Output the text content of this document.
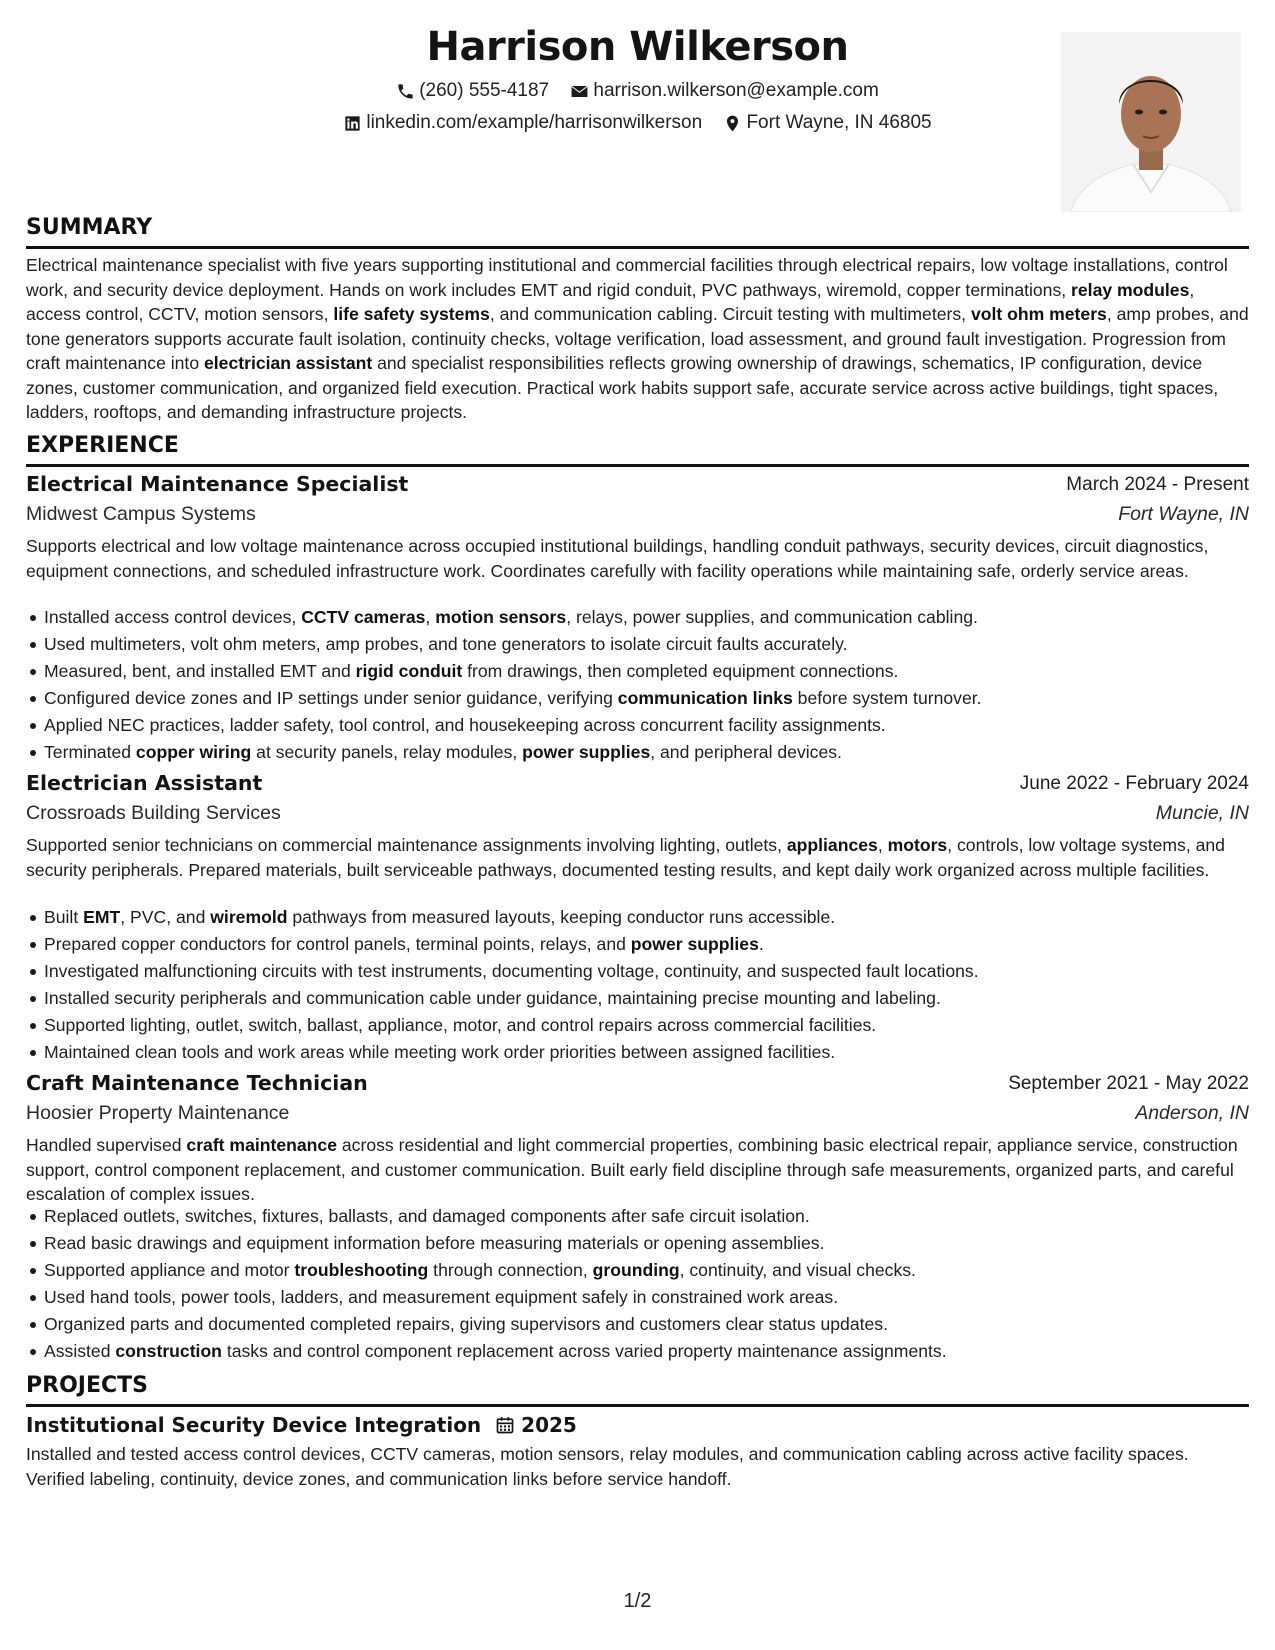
Harrison Wilkerson
(260) 555-4187
harrison.wilkerson@example.com
linkedin.com/example/harrisonwilkerson
Fort Wayne, IN 46805
SUMMARY
Electrical maintenance specialist with five years supporting institutional and commercial facilities through electrical repairs, low voltage installations, control work, and security device deployment. Hands on work includes EMT and rigid conduit, PVC pathways, wiremold, copper terminations, relay modules, access control, CCTV, motion sensors, life safety systems, and communication cabling. Circuit testing with multimeters, volt ohm meters, amp probes, and tone generators supports accurate fault isolation, continuity checks, voltage verification, load assessment, and ground fault investigation. Progression from craft maintenance into electrician assistant and specialist responsibilities reflects growing ownership of drawings, schematics, IP configuration, device zones, customer communication, and organized field execution. Practical work habits support safe, accurate service across active buildings, tight spaces, ladders, rooftops, and demanding infrastructure projects.
EXPERIENCE
Electrical Maintenance Specialist	March 2024 - Present
Midwest Campus Systems	Fort Wayne, IN
Supports electrical and low voltage maintenance across occupied institutional buildings, handling conduit pathways, security devices, circuit diagnostics, equipment connections, and scheduled infrastructure work. Coordinates carefully with facility operations while maintaining safe, orderly service areas.
Installed access control devices, CCTV cameras, motion sensors, relays, power supplies, and communication cabling.
Used multimeters, volt ohm meters, amp probes, and tone generators to isolate circuit faults accurately.
Measured, bent, and installed EMT and rigid conduit from drawings, then completed equipment connections.
Configured device zones and IP settings under senior guidance, verifying communication links before system turnover.
Applied NEC practices, ladder safety, tool control, and housekeeping across concurrent facility assignments.
Terminated copper wiring at security panels, relay modules, power supplies, and peripheral devices.
Electrician Assistant	June 2022 - February 2024
Crossroads Building Services	Muncie, IN
Supported senior technicians on commercial maintenance assignments involving lighting, outlets, appliances, motors, controls, low voltage systems, and security peripherals. Prepared materials, built serviceable pathways, documented testing results, and kept daily work organized across multiple facilities.
Built EMT, PVC, and wiremold pathways from measured layouts, keeping conductor runs accessible.
Prepared copper conductors for control panels, terminal points, relays, and power supplies.
Investigated malfunctioning circuits with test instruments, documenting voltage, continuity, and suspected fault locations.
Installed security peripherals and communication cable under guidance, maintaining precise mounting and labeling.
Supported lighting, outlet, switch, ballast, appliance, motor, and control repairs across commercial facilities.
Maintained clean tools and work areas while meeting work order priorities between assigned facilities.
Craft Maintenance Technician	September 2021 - May 2022
Hoosier Property Maintenance	Anderson, IN
Handled supervised craft maintenance across residential and light commercial properties, combining basic electrical repair, appliance service, construction support, control component replacement, and customer communication. Built early field discipline through safe measurements, organized parts, and careful escalation of complex issues.
Replaced outlets, switches, fixtures, ballasts, and damaged components after safe circuit isolation.
Read basic drawings and equipment information before measuring materials or opening assemblies.
Supported appliance and motor troubleshooting through connection, grounding, continuity, and visual checks.
Used hand tools, power tools, ladders, and measurement equipment safely in constrained work areas.
Organized parts and documented completed repairs, giving supervisors and customers clear status updates.
Assisted construction tasks and control component replacement across varied property maintenance assignments.
PROJECTS
Institutional Security Device Integration 2025
Installed and tested access control devices, CCTV cameras, motion sensors, relay modules, and communication cabling across active facility spaces. Verified labeling, continuity, device zones, and communication links before service handoff.
1/2
